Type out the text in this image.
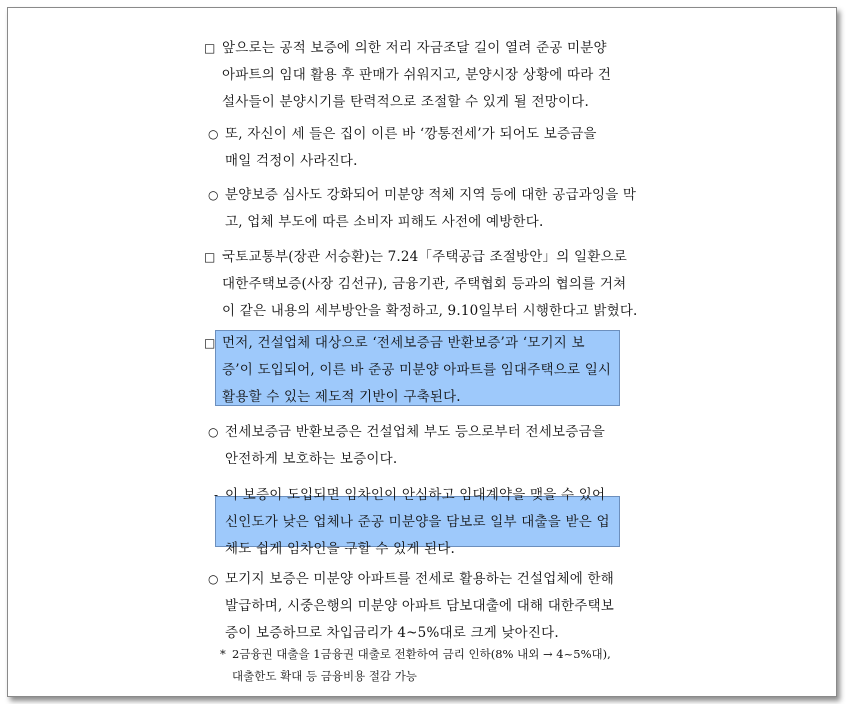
□ 앞으로는 공적 보증에 의한 저리 자금조달 길이 열려 준공 미분양
아파트의 임대 활용 후 판매가 쉬워지고, 분양시장 상황에 따라 건
설사들이 분양시기를 탄력적으로 조절할 수 있게 될 전망이다.
○ 또, 자신이 세 들은 집이 이른 바 ‘깡통전세’가 되어도 보증금을
매일 걱정이 사라진다.
○ 분양보증 심사도 강화되어 미분양 적체 지역 등에 대한 공급과잉을 막
고, 업체 부도에 따른 소비자 피해도 사전에 예방한다.
□ 국토교통부(장관 서승환)는 7.24「주택공급 조절방안」의 일환으로
대한주택보증(사장 김선규), 금융기관, 주택협회 등과의 협의를 거쳐
이 같은 내용의 세부방안을 확정하고, 9.10일부터 시행한다고 밝혔다.
□ 먼저, 건설업체 대상으로 ‘전세보증금 반환보증’과 ‘모기지 보
증’이 도입되어, 이른 바 준공 미분양 아파트를 임대주택으로 일시
활용할 수 있는 제도적 기반이 구축된다.
○ 전세보증금 반환보증은 건설업체 부도 등으로부터 전세보증금을
안전하게 보호하는 보증이다.
- 이 보증이 도입되면 임차인이 안심하고 임대계약을 맺을 수 있어
신인도가 낮은 업체나 준공 미분양을 담보로 일부 대출을 받은 업
체도 쉽게 임차인을 구할 수 있게 된다.
○ 모기지 보증은 미분양 아파트를 전세로 활용하는 건설업체에 한해
발급하며, 시중은행의 미분양 아파트 담보대출에 대해 대한주택보
증이 보증하므로 차입금리가 4~5%대로 크게 낮아진다.
* 2금융권 대출을 1금융권 대출로 전환하여 금리 인하(8% 내외 → 4~5%대),
대출한도 확대 등 금융비용 절감 가능
